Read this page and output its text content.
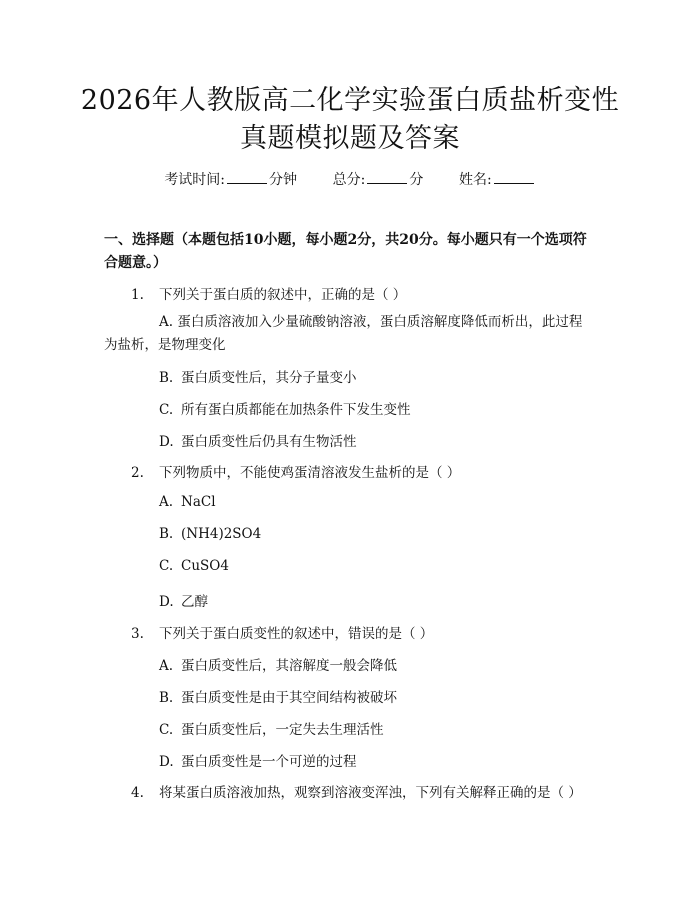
2026年人教版高二化学实验蛋白质盐析变性
真题模拟题及答案
考试时间:	分钟	总分:	分	姓名:
一、选择题（本题包括10小题，每小题2分，共20分。每小题只有一个选项符合题意。）
1. 下列关于蛋白质的叙述中，正确的是（ ）
A. 蛋白质溶液加入少量硫酸钠溶液，蛋白质溶解度降低而析出，此过程为盐析，是物理变化
B. 蛋白质变性后，其分子量变小
C. 所有蛋白质都能在加热条件下发生变性
D. 蛋白质变性后仍具有生物活性
2. 下列物质中，不能使鸡蛋清溶液发生盐析的是（ ）
A. NaCl
B. (NH4)2SO4
C. CuSO4
D. 乙醇
3. 下列关于蛋白质变性的叙述中，错误的是（ ）
A. 蛋白质变性后，其溶解度一般会降低
B. 蛋白质变性是由于其空间结构被破坏
C. 蛋白质变性后，一定失去生理活性
D. 蛋白质变性是一个可逆的过程
4. 将某蛋白质溶液加热，观察到溶液变浑浊，下列有关解释正确的是（ ）
